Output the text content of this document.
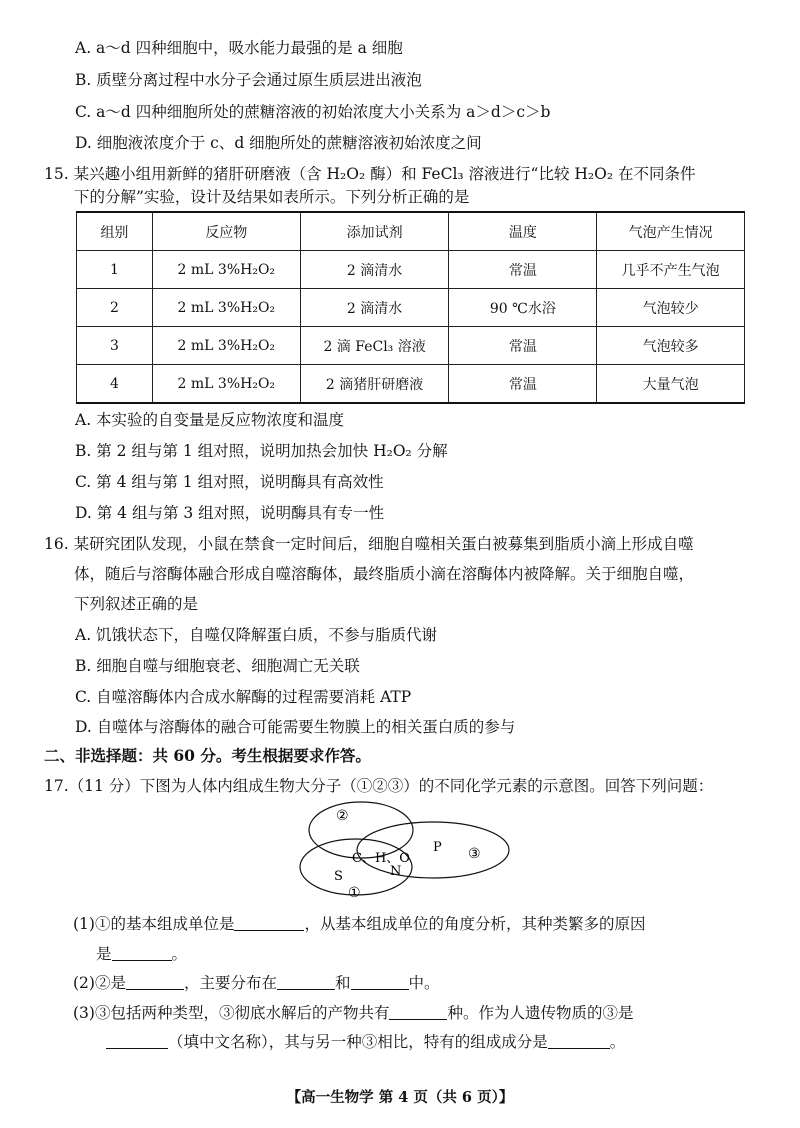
A. a～d 四种细胞中，吸水能力最强的是 a 细胞
B. 质壁分离过程中水分子会通过原生质层进出液泡
C. a～d 四种细胞所处的蔗糖溶液的初始浓度大小关系为 a＞d＞c＞b
D. 细胞液浓度介于 c、d 细胞所处的蔗糖溶液初始浓度之间
15. 某兴趣小组用新鲜的猪肝研磨液（含 H₂O₂ 酶）和 FeCl₃ 溶液进行“比较 H₂O₂ 在不同条件
下的分解”实验，设计及结果如表所示。下列分析正确的是
组别	反应物	添加试剂	温度	气泡产生情况
1	2 mL 3%H₂O₂	2 滴清水	常温	几乎不产生气泡
2	2 mL 3%H₂O₂	2 滴清水	90 ℃水浴	气泡较少
3	2 mL 3%H₂O₂	2 滴 FeCl₃ 溶液	常温	气泡较多
4	2 mL 3%H₂O₂	2 滴猪肝研磨液	常温	大量气泡
A. 本实验的自变量是反应物浓度和温度
B. 第 2 组与第 1 组对照，说明加热会加快 H₂O₂ 分解
C. 第 4 组与第 1 组对照，说明酶具有高效性
D. 第 4 组与第 3 组对照，说明酶具有专一性
16. 某研究团队发现，小鼠在禁食一定时间后，细胞自噬相关蛋白被募集到脂质小滴上形成自噬
体，随后与溶酶体融合形成自噬溶酶体，最终脂质小滴在溶酶体内被降解。关于细胞自噬，
下列叙述正确的是
A. 饥饿状态下，自噬仅降解蛋白质，不参与脂质代谢
B. 细胞自噬与细胞衰老、细胞凋亡无关联
C. 自噬溶酶体内合成水解酶的过程需要消耗 ATP
D. 自噬体与溶酶体的融合可能需要生物膜上的相关蛋白质的参与
二、非选择题：共 60 分。考生根据要求作答。
17.（11 分）下图为人体内组成生物大分子（①②③）的不同化学元素的示意图。回答下列问题：
②
C、H、O
P ③
S	N
①
(1)①的基本组成单位是	，从基本组成单位的角度分析，其种类繁多的原因
是	。
(2)②是	，主要分布在	和	中。
(3)③包括两种类型，③彻底水解后的产物共有	种。作为人遗传物质的③是
（填中文名称），其与另一种③相比，特有的组成成分是	。
【高一生物学 第 4 页（共 6 页）】
